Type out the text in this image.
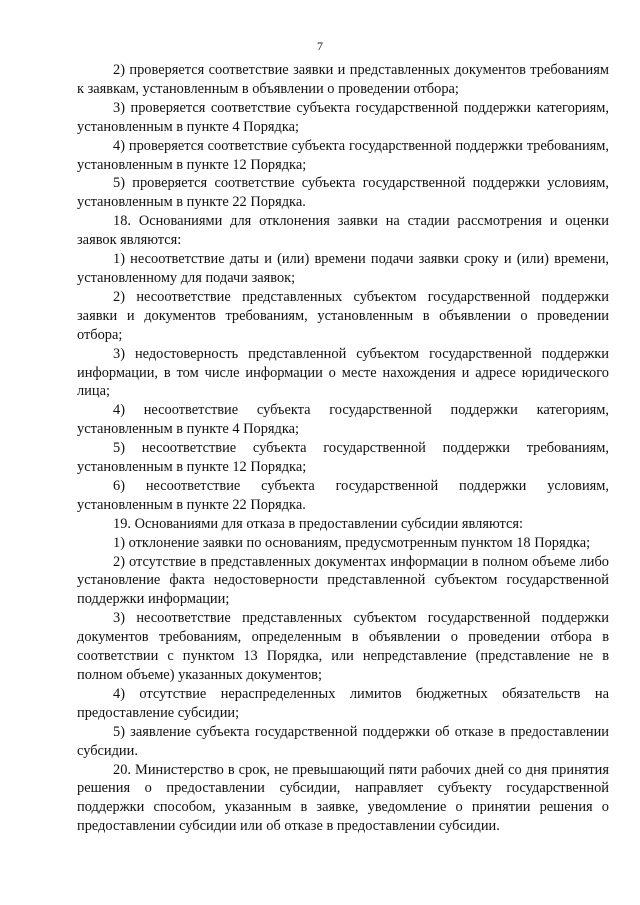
7

2) проверяется соответствие заявки и представленных документов требованиям к заявкам, установленным в объявлении о проведении отбора;

3) проверяется соответствие субъекта государственной поддержки категориям, установленным в пункте 4 Порядка;

4) проверяется соответствие субъекта государственной поддержки требованиям, установленным в пункте 12 Порядка;

5) проверяется соответствие субъекта государственной поддержки условиям, установленным в пункте 22 Порядка.

18. Основаниями для отклонения заявки на стадии рассмотрения и оценки заявок являются:

1) несоответствие даты и (или) времени подачи заявки сроку и (или) времени, установленному для подачи заявок;

2) несоответствие представленных субъектом государственной поддержки заявки и документов требованиям, установленным в объявлении о проведении отбора;

3) недостоверность представленной субъектом государственной поддержки информации, в том числе информации о месте нахождения и адресе юридического лица;

4) несоответствие субъекта государственной поддержки категориям, установленным в пункте 4 Порядка;

5) несоответствие субъекта государственной поддержки требованиям, установленным в пункте 12 Порядка;

6) несоответствие субъекта государственной поддержки условиям, установленным в пункте 22 Порядка.

19. Основаниями для отказа в предоставлении субсидии являются:

1) отклонение заявки по основаниям, предусмотренным пунктом 18 Порядка;

2) отсутствие в представленных документах информации в полном объеме либо установление факта недостоверности представленной субъектом государственной поддержки информации;

3) несоответствие представленных субъектом государственной поддержки документов требованиям, определенным в объявлении о проведении отбора в соответствии с пунктом 13 Порядка, или непредставление (представление не в полном объеме) указанных документов;

4) отсутствие нераспределенных лимитов бюджетных обязательств на предоставление субсидии;

5) заявление субъекта государственной поддержки об отказе в предоставлении субсидии.

20. Министерство в срок, не превышающий пяти рабочих дней со дня принятия решения о предоставлении субсидии, направляет субъекту государственной поддержки способом, указанным в заявке, уведомление о принятии решения о предоставлении субсидии или об отказе в предоставлении субсидии.
